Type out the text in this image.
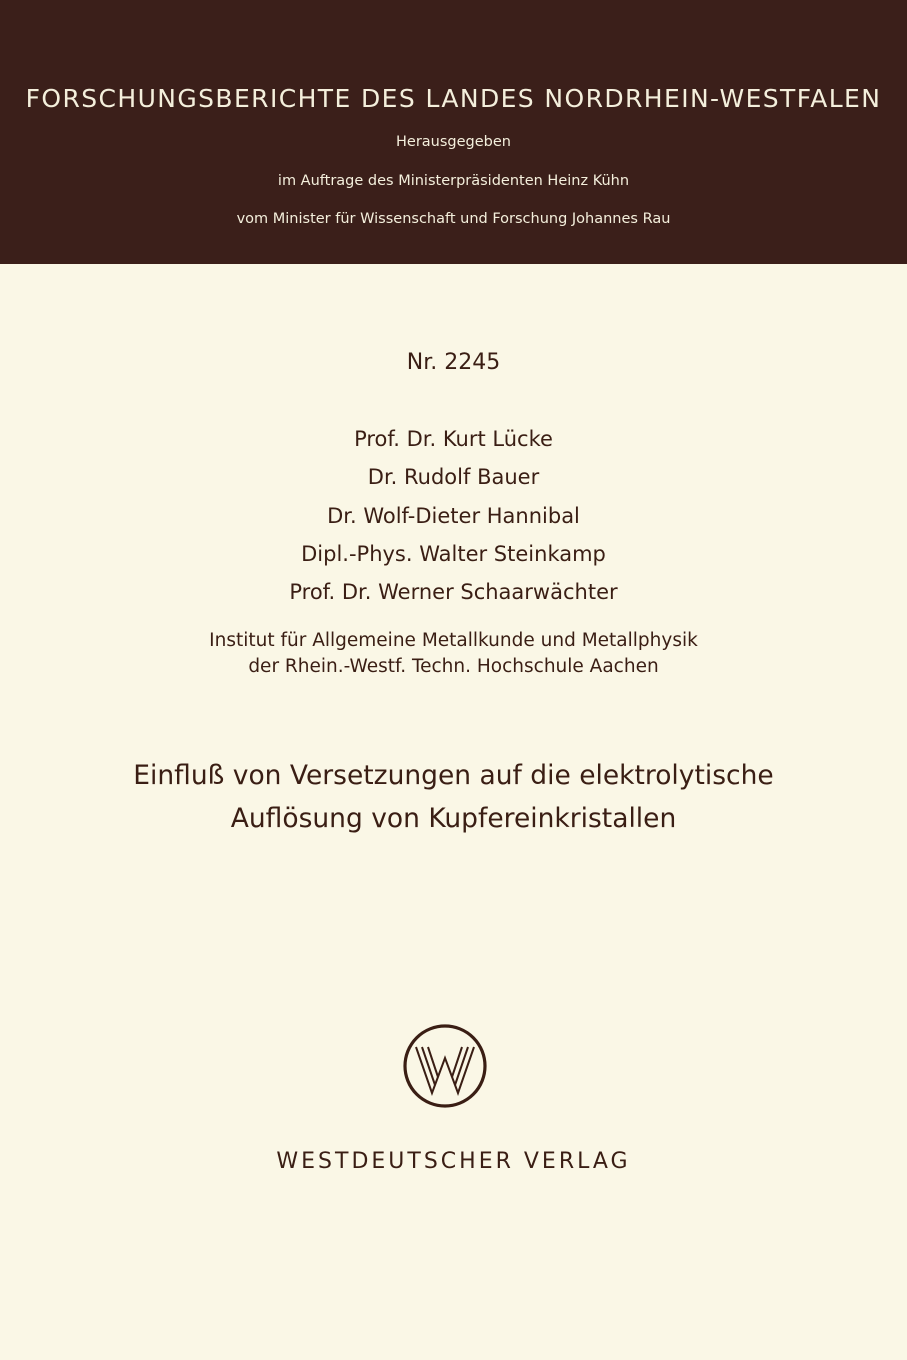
FORSCHUNGSBERICHTE DES LANDES NORDRHEIN-WESTFALEN
Herausgegeben
im Auftrage des Ministerpräsidenten Heinz Kühn
vom Minister für Wissenschaft und Forschung Johannes Rau
Nr. 2245
Prof. Dr. Kurt Lücke
Dr. Rudolf Bauer
Dr. Wolf-Dieter Hannibal
Dipl.-Phys. Walter Steinkamp
Prof. Dr. Werner Schaarwächter
Institut für Allgemeine Metallkunde und Metallphysik
der Rhein.-Westf. Techn. Hochschule Aachen
Einfluß von Versetzungen auf die elektrolytische
Auflösung von Kupfereinkristallen
WESTDEUTSCHER VERLAG
